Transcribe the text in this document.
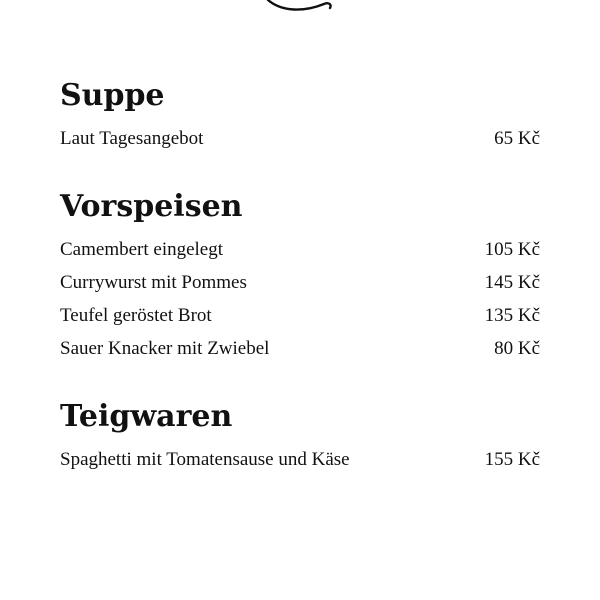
Suppe
Laut Tagesangebot	65 Kč
Vorspeisen
Camembert eingelegt	105 Kč
Currywurst mit Pommes	145 Kč
Teufel geröstet Brot	135 Kč
Sauer Knacker mit Zwiebel	80 Kč
Teigwaren
Spaghetti mit Tomatensause und Käse	155 Kč
